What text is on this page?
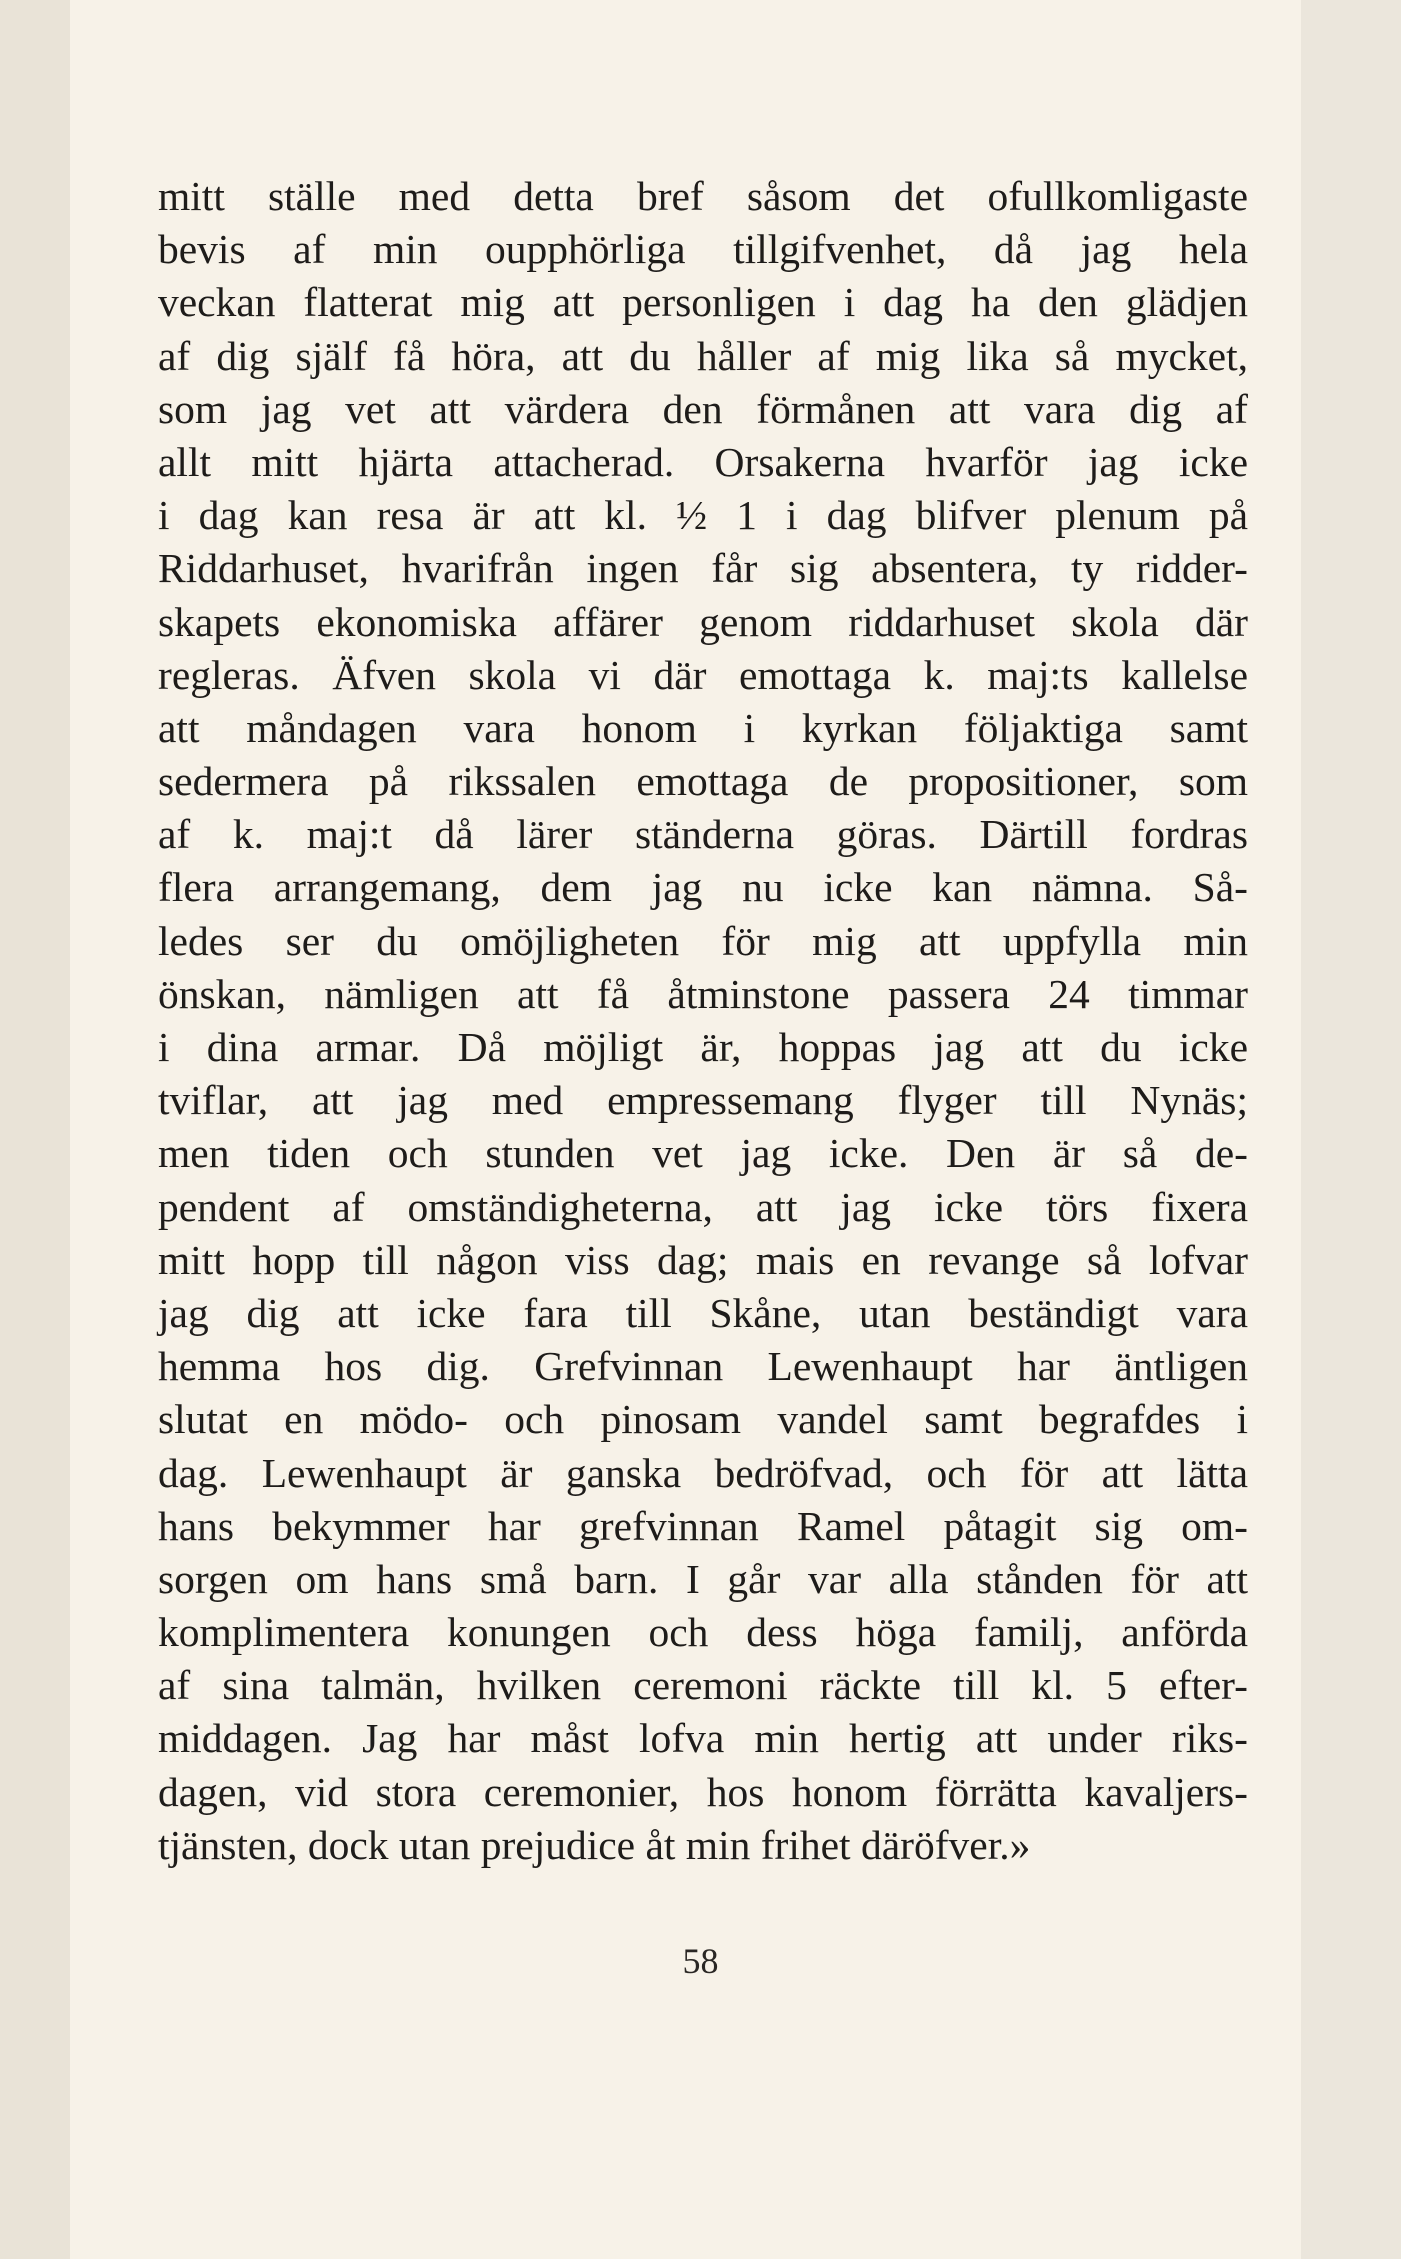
mitt ställe med detta bref såsom det ofullkomligaste
bevis af min oupphörliga tillgifvenhet, då jag hela
veckan flatterat mig att personligen i dag ha den glädjen
af dig själf få höra, att du håller af mig lika så mycket,
som jag vet att värdera den förmånen att vara dig af
allt mitt hjärta attacherad. Orsakerna hvarför jag icke
i dag kan resa är att kl. ½ 1 i dag blifver plenum på
Riddarhuset, hvarifrån ingen får sig absentera, ty ridder-
skapets ekonomiska affärer genom riddarhuset skola där
regleras. Äfven skola vi där emottaga k. maj:ts kallelse
att måndagen vara honom i kyrkan följaktiga samt
sedermera på rikssalen emottaga de propositioner, som
af k. maj:t då lärer ständerna göras. Därtill fordras
flera arrangemang, dem jag nu icke kan nämna. Så-
ledes ser du omöjligheten för mig att uppfylla min
önskan, nämligen att få åtminstone passera 24 timmar
i dina armar. Då möjligt är, hoppas jag att du icke
tviflar, att jag med empressemang flyger till Nynäs;
men tiden och stunden vet jag icke. Den är så de-
pendent af omständigheterna, att jag icke törs fixera
mitt hopp till någon viss dag; mais en revange så lofvar
jag dig att icke fara till Skåne, utan beständigt vara
hemma hos dig. Grefvinnan Lewenhaupt har äntligen
slutat en mödo- och pinosam vandel samt begrafdes i
dag. Lewenhaupt är ganska bedröfvad, och för att lätta
hans bekymmer har grefvinnan Ramel påtagit sig om-
sorgen om hans små barn. I går var alla stånden för att
komplimentera konungen och dess höga familj, anförda
af sina talmän, hvilken ceremoni räckte till kl. 5 efter-
middagen. Jag har måst lofva min hertig att under riks-
dagen, vid stora ceremonier, hos honom förrätta kavaljers-
tjänsten, dock utan prejudice åt min frihet däröfver.»
58
